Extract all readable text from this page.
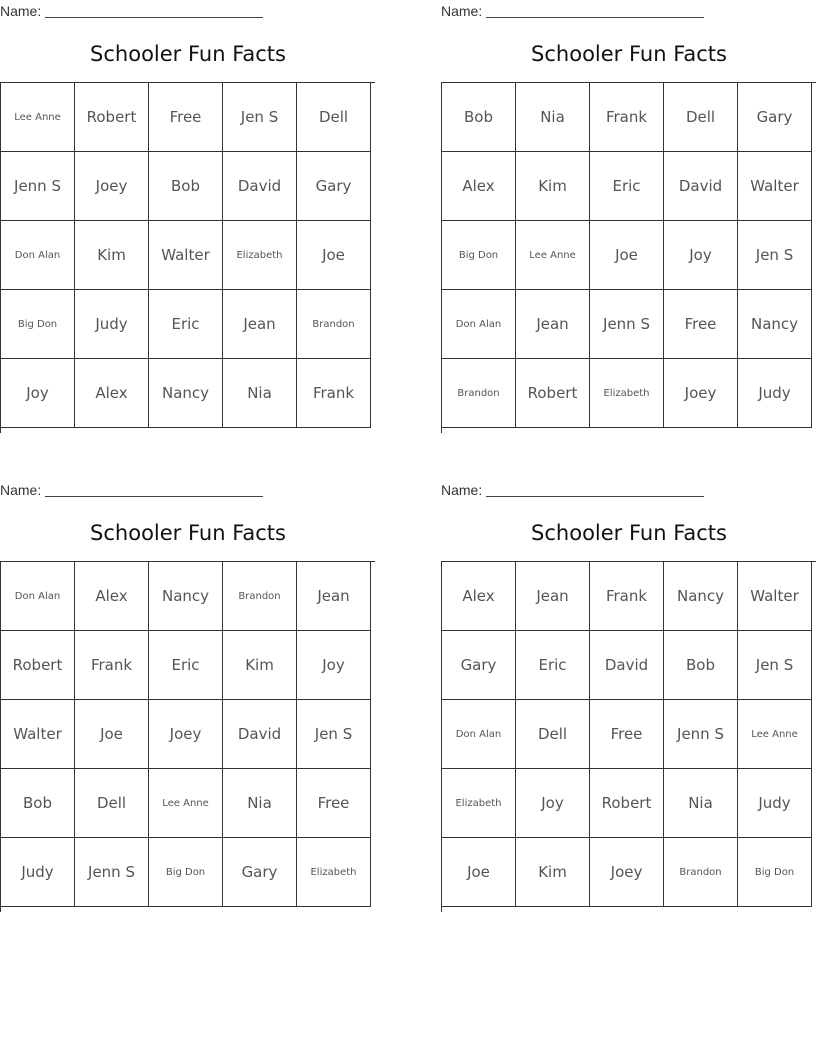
Name:
Schooler Fun Facts
Lee Anne	Robert	Free	Jen S	Dell
Jenn S	Joey	Bob	David	Gary
Don Alan	Kim	Walter	Elizabeth	Joe
Big Don	Judy	Eric	Jean	Brandon
Joy	Alex	Nancy	Nia	Frank
Name:
Schooler Fun Facts
Bob	Nia	Frank	Dell	Gary
Alex	Kim	Eric	David	Walter
Big Don	Lee Anne	Joe	Joy	Jen S
Don Alan	Jean	Jenn S	Free	Nancy
Brandon	Robert	Elizabeth	Joey	Judy
Name:
Schooler Fun Facts
Don Alan	Alex	Nancy	Brandon	Jean
Robert	Frank	Eric	Kim	Joy
Walter	Joe	Joey	David	Jen S
Bob	Dell	Lee Anne	Nia	Free
Judy	Jenn S	Big Don	Gary	Elizabeth
Name:
Schooler Fun Facts
Alex	Jean	Frank	Nancy	Walter
Gary	Eric	David	Bob	Jen S
Don Alan	Dell	Free	Jenn S	Lee Anne
Elizabeth	Joy	Robert	Nia	Judy
Joe	Kim	Joey	Brandon	Big Don
